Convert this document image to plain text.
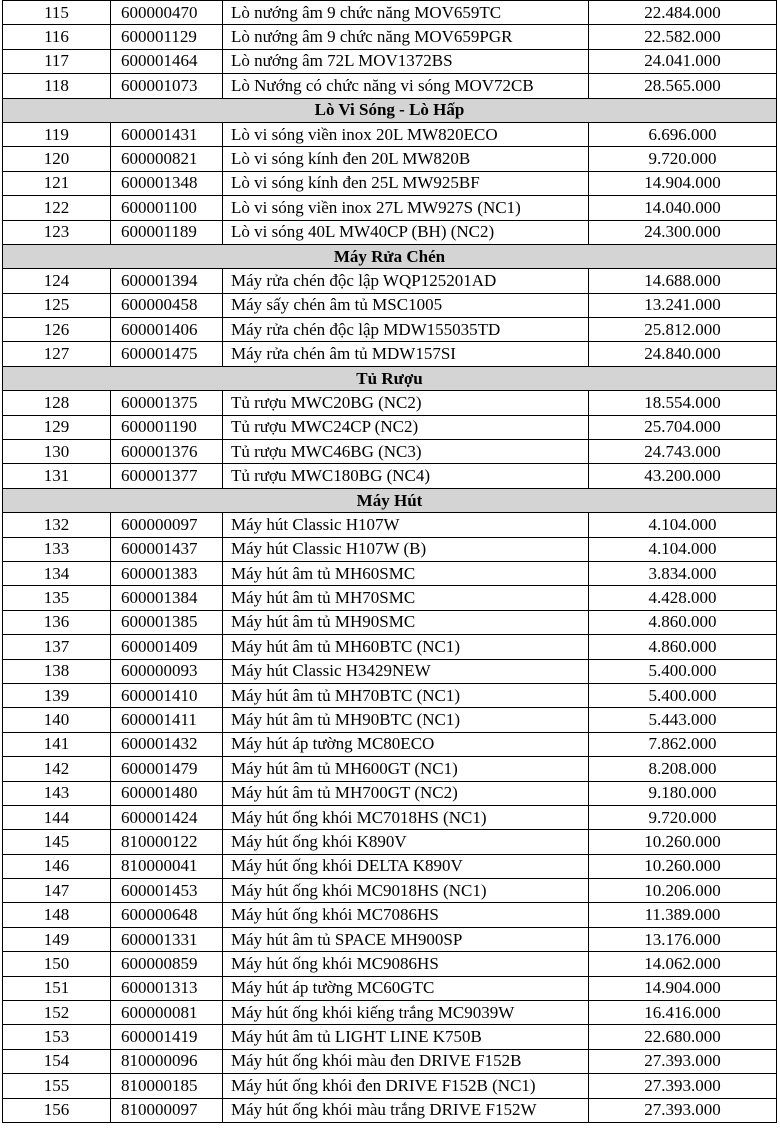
115	600000470	Lò nướng âm 9 chức năng MOV659TC	22.484.000
116	600001129	Lò nướng âm 9 chức năng MOV659PGR	22.582.000
117	600001464	Lò nướng âm 72L MOV1372BS	24.041.000
118	600001073	Lò Nướng có chức năng vi sóng MOV72CB	28.565.000
Lò Vi Sóng - Lò Hấp			
119	600001431	Lò vi sóng viền inox 20L MW820ECO	6.696.000
120	600000821	Lò vi sóng kính đen 20L MW820B	9.720.000
121	600001348	Lò vi sóng kính đen 25L MW925BF	14.904.000
122	600001100	Lò vi sóng viền inox 27L MW927S (NC1)	14.040.000
123	600001189	Lò vi sóng 40L MW40CP (BH) (NC2)	24.300.000
Máy Rửa Chén			
124	600001394	Máy rửa chén độc lập WQP125201AD	14.688.000
125	600000458	Máy sấy chén âm tủ MSC1005	13.241.000
126	600001406	Máy rửa chén độc lập MDW155035TD	25.812.000
127	600001475	Máy rửa chén âm tủ MDW157SI	24.840.000
Tủ Rượu			
128	600001375	Tủ rượu MWC20BG (NC2)	18.554.000
129	600001190	Tủ rượu MWC24CP (NC2)	25.704.000
130	600001376	Tủ rượu MWC46BG (NC3)	24.743.000
131	600001377	Tủ rượu MWC180BG (NC4)	43.200.000
Máy Hút			
132	600000097	Máy hút Classic H107W	4.104.000
133	600001437	Máy hút Classic H107W (B)	4.104.000
134	600001383	Máy hút âm tủ MH60SMC	3.834.000
135	600001384	Máy hút âm tủ MH70SMC	4.428.000
136	600001385	Máy hút âm tủ MH90SMC	4.860.000
137	600001409	Máy hút âm tủ MH60BTC (NC1)	4.860.000
138	600000093	Máy hút Classic H3429NEW	5.400.000
139	600001410	Máy hút âm tủ MH70BTC (NC1)	5.400.000
140	600001411	Máy hút âm tủ MH90BTC (NC1)	5.443.000
141	600001432	Máy hút áp tường MC80ECO	7.862.000
142	600001479	Máy hút âm tủ MH600GT (NC1)	8.208.000
143	600001480	Máy hút âm tủ MH700GT (NC2)	9.180.000
144	600001424	Máy hút ống khói MC7018HS (NC1)	9.720.000
145	810000122	Máy hút ống khói K890V	10.260.000
146	810000041	Máy hút ống khói DELTA K890V	10.260.000
147	600001453	Máy hút ống khói MC9018HS (NC1)	10.206.000
148	600000648	Máy hút ống khói MC7086HS	11.389.000
149	600001331	Máy hút âm tủ SPACE MH900SP	13.176.000
150	600000859	Máy hút ống khói MC9086HS	14.062.000
151	600001313	Máy hút áp tường MC60GTC	14.904.000
152	600000081	Máy hút ống khói kiếng trắng MC9039W	16.416.000
153	600001419	Máy hút âm tủ LIGHT LINE K750B	22.680.000
154	810000096	Máy hút ống khói màu đen DRIVE F152B	27.393.000
155	810000185	Máy hút ống khói đen DRIVE F152B (NC1)	27.393.000
156	810000097	Máy hút ống khói màu trắng DRIVE F152W	27.393.000
